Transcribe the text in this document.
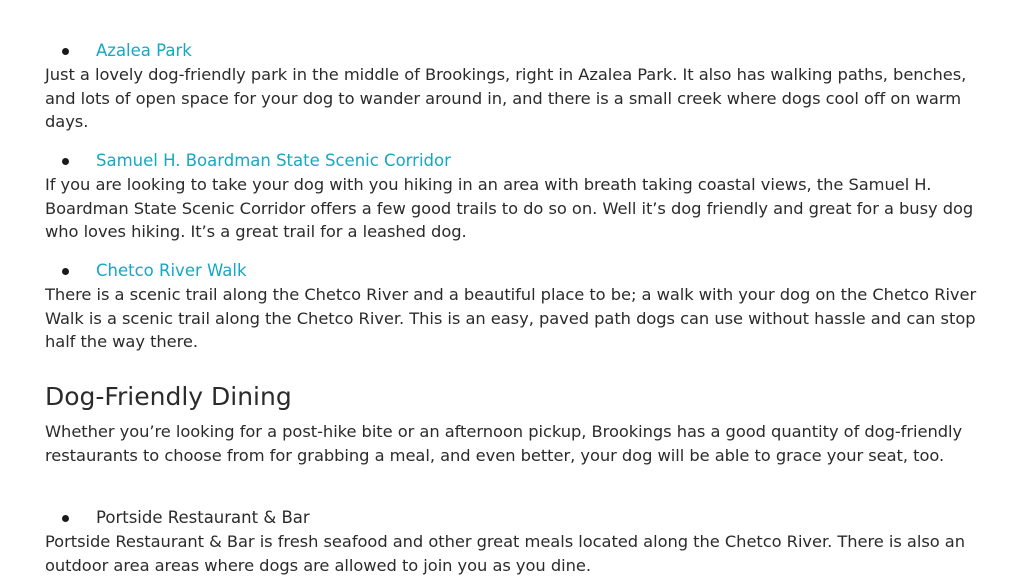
Azalea Park

Just a lovely dog-friendly park in the middle of Brookings, right in Azalea Park. It also has walking paths, benches, and lots of open space for your dog to wander around in, and there is a small creek where dogs cool off on warm days.

Samuel H. Boardman State Scenic Corridor

If you are looking to take your dog with you hiking in an area with breath taking coastal views, the Samuel H. Boardman State Scenic Corridor offers a few good trails to do so on. Well it’s dog friendly and great for a busy dog who loves hiking. It’s a great trail for a leashed dog.

Chetco River Walk

There is a scenic trail along the Chetco River and a beautiful place to be; a walk with your dog on the Chetco River Walk is a scenic trail along the Chetco River. This is an easy, paved path dogs can use without hassle and can stop half the way there.

Dog-Friendly Dining

Whether you’re looking for a post-hike bite or an afternoon pickup, Brookings has a good quantity of dog-friendly restaurants to choose from for grabbing a meal, and even better, your dog will be able to grace your seat, too.

Portside Restaurant & Bar

Portside Restaurant & Bar is fresh seafood and other great meals located along the Chetco River. There is also an outdoor area areas where dogs are allowed to join you as you dine.
